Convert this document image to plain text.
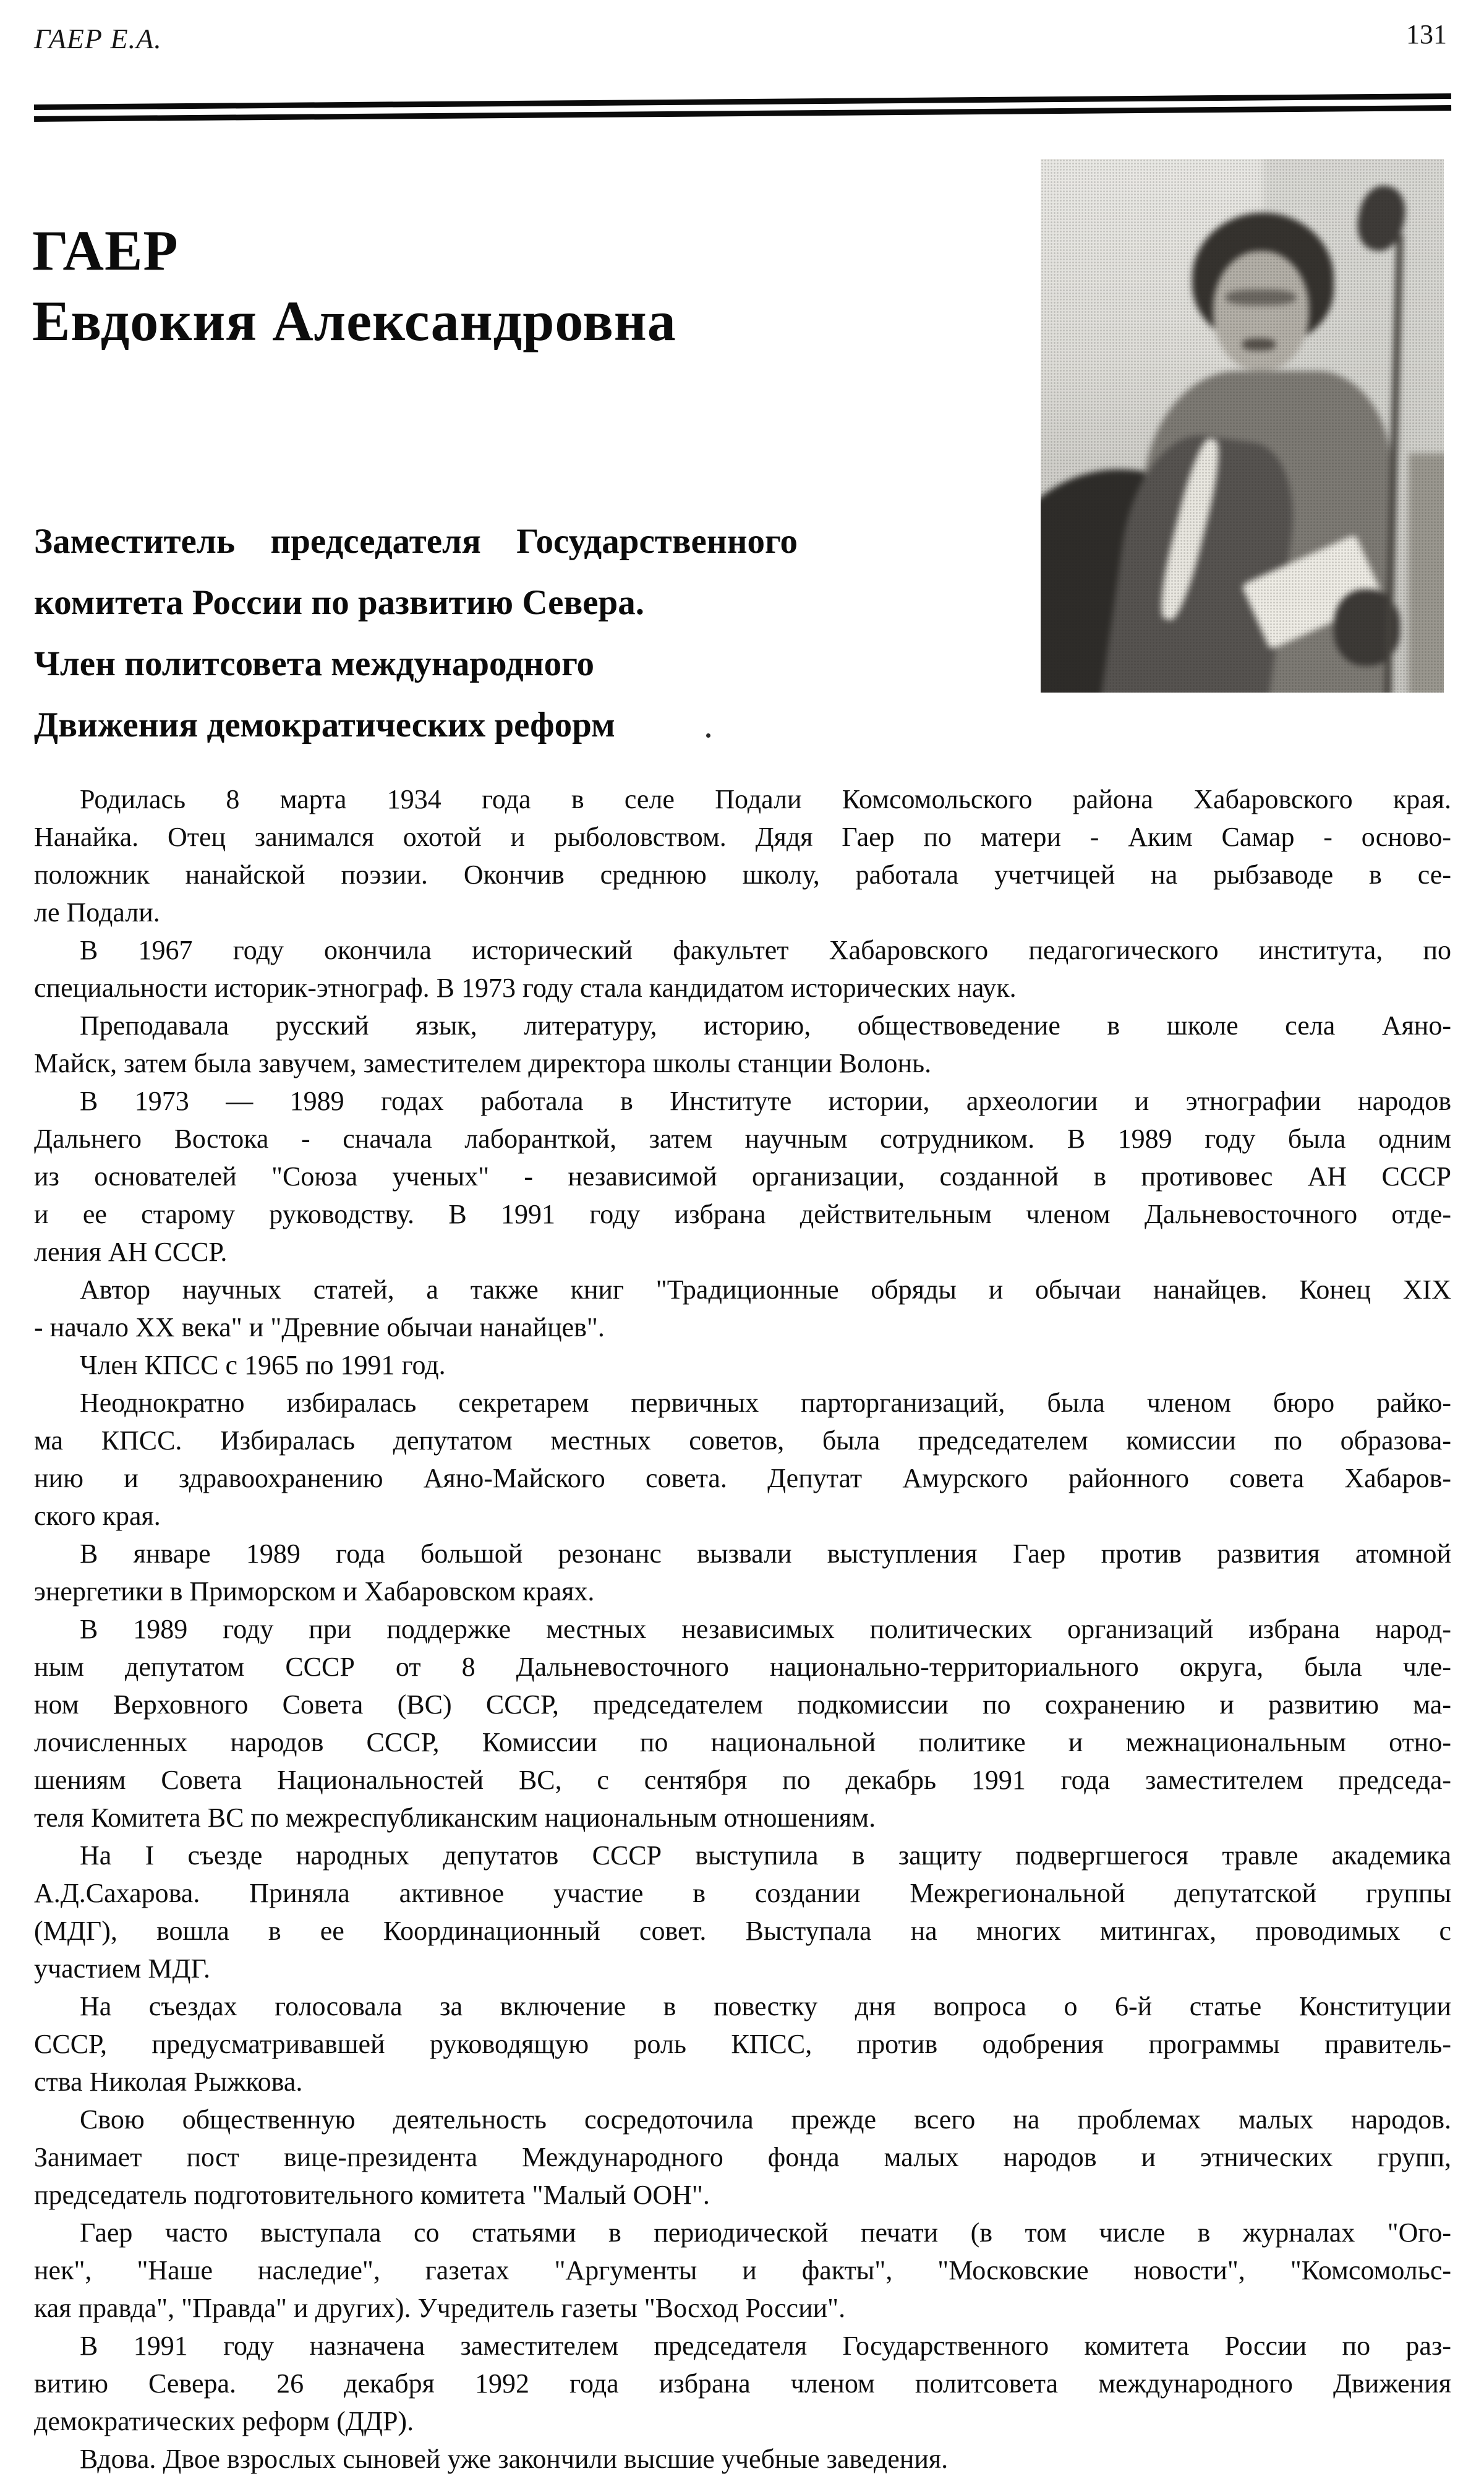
ГАЕР Е.А.	131
ГАЕР
Евдокия Александровна
Заместитель председателя Государственного
комитета России по развитию Севера.
Член политсовета международного
Движения демократических реформ
Родилась 8 марта 1934 года в селе Подали Комсомольского района Хабаровского края.
Нанайка. Отец занимался охотой и рыболовством. Дядя Гаер по матери - Аким Самар - осново-
положник нанайской поэзии. Окончив среднюю школу, работала учетчицей на рыбзаводе в се-
ле Подали.
В 1967 году окончила исторический факультет Хабаровского педагогического института, по
специальности историк-этнограф. В 1973 году стала кандидатом исторических наук.
Преподавала русский язык, литературу, историю, обществоведение в школе села Аяно-
Майск, затем была завучем, заместителем директора школы станции Волонь.
В 1973 — 1989 годах работала в Институте истории, археологии и этнографии народов
Дальнего Востока - сначала лаборанткой, затем научным сотрудником. В 1989 году была одним
из основателей "Союза ученых" - независимой организации, созданной в противовес АН СССР
и ее старому руководству. В 1991 году избрана действительным членом Дальневосточного отде-
ления АН СССР.
Автор научных статей, а также книг "Традиционные обряды и обычаи нанайцев. Конец XIX
- начало XX века" и "Древние обычаи нанайцев".
Член КПСС с 1965 по 1991 год.
Неоднократно избиралась секретарем первичных парторганизаций, была членом бюро райко-
ма КПСС. Избиралась депутатом местных советов, была председателем комиссии по образова-
нию и здравоохранению Аяно-Майского совета. Депутат Амурского районного совета Хабаров-
ского края.
В январе 1989 года большой резонанс вызвали выступления Гаер против развития атомной
энергетики в Приморском и Хабаровском краях.
В 1989 году при поддержке местных независимых политических организаций избрана народ-
ным депутатом СССР от 8 Дальневосточного национально-территориального округа, была чле-
ном Верховного Совета (ВС) СССР, председателем подкомиссии по сохранению и развитию ма-
лочисленных народов СССР, Комиссии по национальной политике и межнациональным отно-
шениям Совета Национальностей ВС, с сентября по декабрь 1991 года заместителем председа-
теля Комитета ВС по межреспубликанским национальным отношениям.
На I съезде народных депутатов СССР выступила в защиту подвергшегося травле академика
А.Д.Сахарова. Приняла активное участие в создании Межрегиональной депутатской группы
(МДГ), вошла в ее Координационный совет. Выступала на многих митингах, проводимых с
участием МДГ.
На съездах голосовала за включение в повестку дня вопроса о 6-й статье Конституции
СССР, предусматривавшей руководящую роль КПСС, против одобрения программы правитель-
ства Николая Рыжкова.
Свою общественную деятельность сосредоточила прежде всего на проблемах малых народов.
Занимает пост вице-президента Международного фонда малых народов и этнических групп,
председатель подготовительного комитета "Малый ООН".
Гаер часто выступала со статьями в периодической печати (в том числе в журналах "Ого-
нек", "Наше наследие", газетах "Аргументы и факты", "Московские новости", "Комсомольс-
кая правда", "Правда" и других). Учредитель газеты "Восход России".
В 1991 году назначена заместителем председателя Государственного комитета России по раз-
витию Севера. 26 декабря 1992 года избрана членом политсовета международного Движения
демократических реформ (ДДР).
Вдова. Двое взрослых сыновей уже закончили высшие учебные заведения.
